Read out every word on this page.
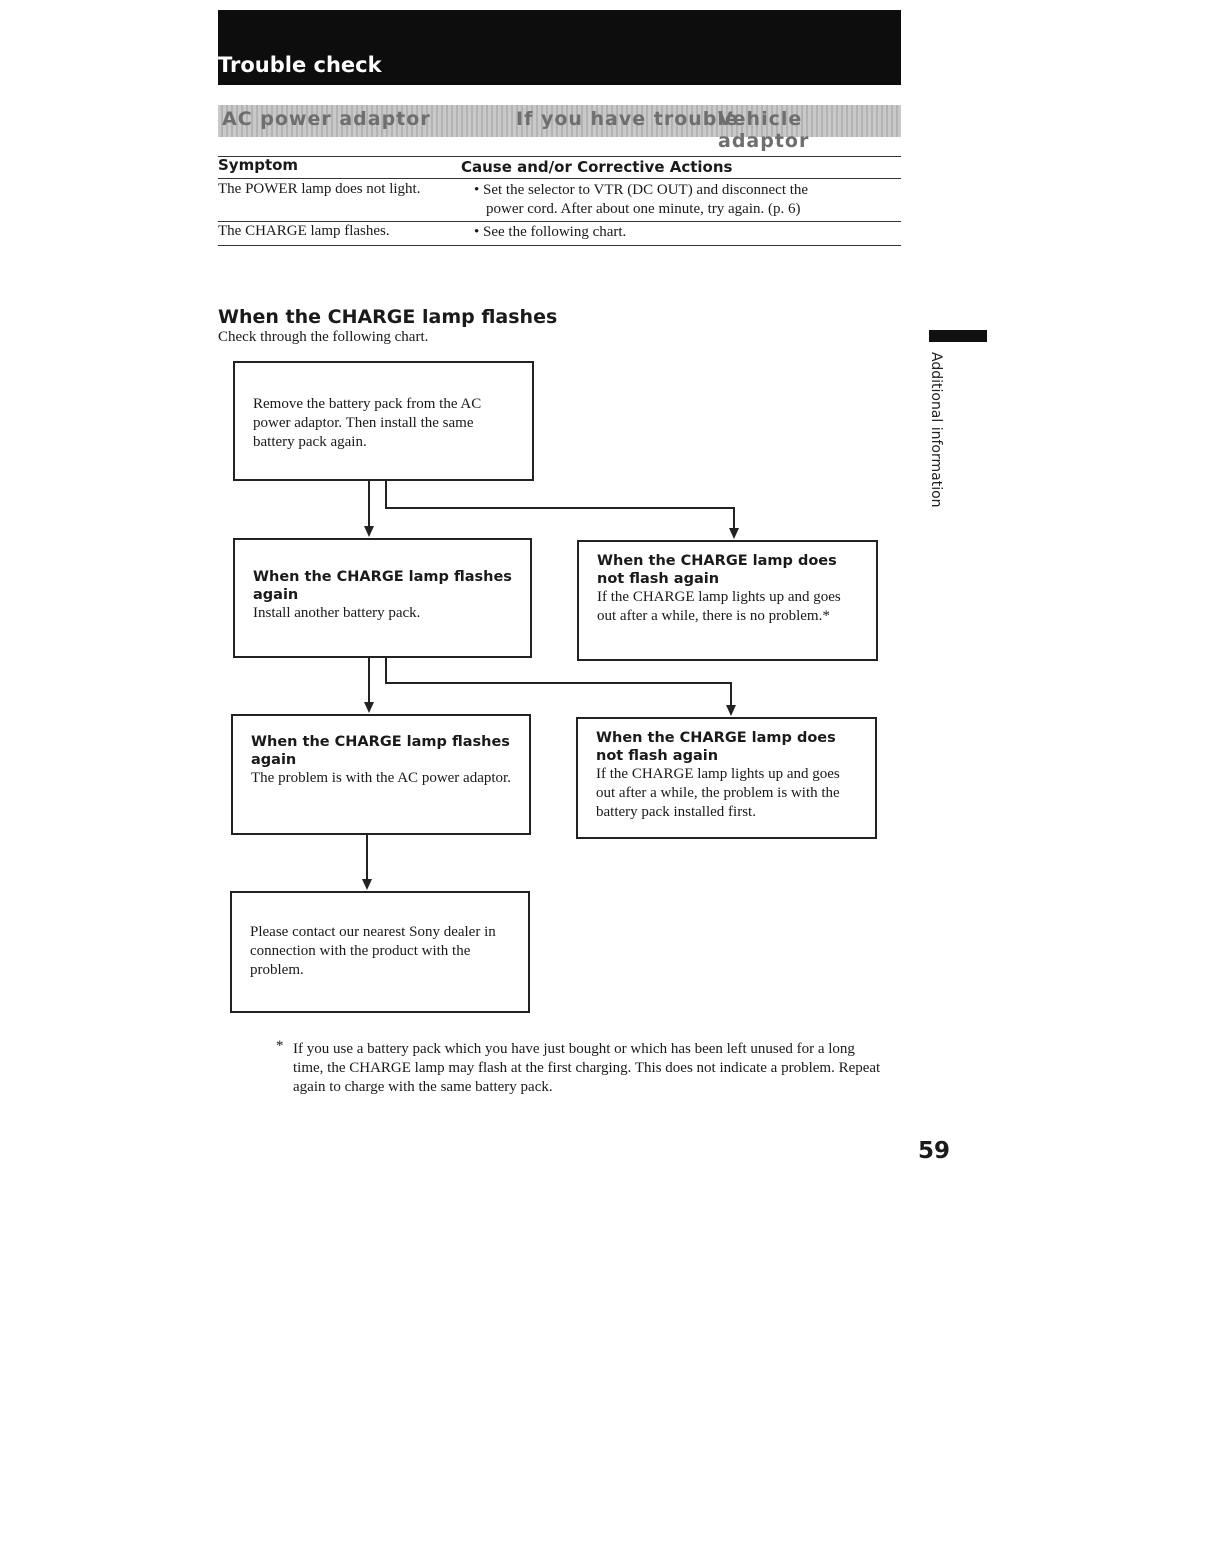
Trouble check
AC power adaptor	If you have trouble
Vehicle adaptor
Symptom	Cause and/or Corrective Actions
The POWER lamp does not light.	• Set the selector to VTR (DC OUT) and disconnect the
power cord. After about one minute, try again. (p. 6)
The CHARGE lamp flashes.	• See the following chart.
When the CHARGE lamp flashes
Check through the following chart.
Remove the battery pack from the AC power adaptor. Then install the same battery pack again.
When the CHARGE lamp flashes again
Install another battery pack.
When the CHARGE lamp does not flash again
If the CHARGE lamp lights up and goes out after a while, there is no problem.*
When the CHARGE lamp flashes again
The problem is with the AC power adaptor.
When the CHARGE lamp does not flash again
If the CHARGE lamp lights up and goes out after a while, the problem is with the battery pack installed first.
Please contact our nearest Sony dealer in connection with the product with the problem.
* If you use a battery pack which you have just bought or which has been left unused for a long time, the CHARGE lamp may flash at the first charging. This does not indicate a problem. Repeat again to charge with the same battery pack.
Additional information
59
